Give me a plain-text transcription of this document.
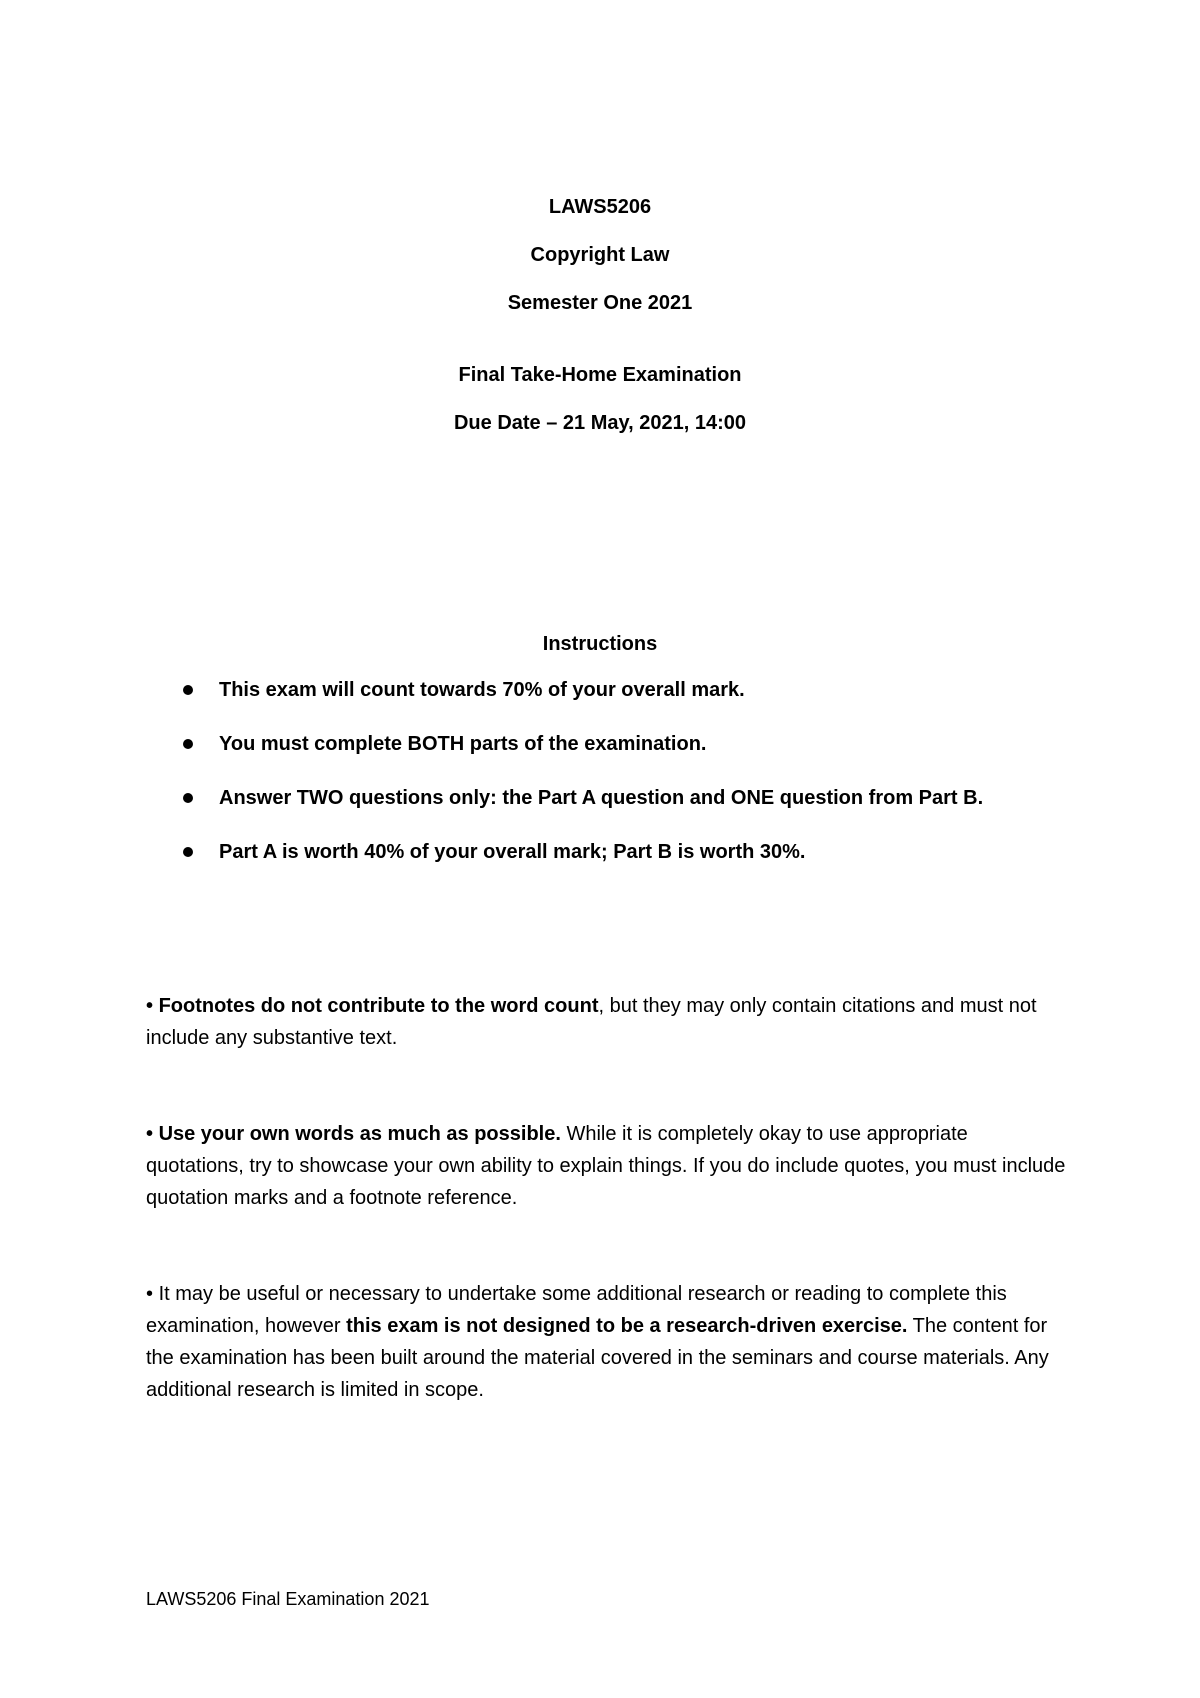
LAWS5206
Copyright Law
Semester One 2021
Final Take-Home Examination
Due Date – 21 May, 2021, 14:00
Instructions
This exam will count towards 70% of your overall mark.
You must complete BOTH parts of the examination.
Answer TWO questions only: the Part A question and ONE question from Part B.
Part A is worth 40% of your overall mark; Part B is worth 30%.

• Footnotes do not contribute to the word count, but they may only contain citations and must not include any substantive text.

• Use your own words as much as possible. While it is completely okay to use appropriate quotations, try to showcase your own ability to explain things. If you do include quotes, you must include quotation marks and a footnote reference.

• It may be useful or necessary to undertake some additional research or reading to complete this examination, however this exam is not designed to be a research-driven exercise. The content for the examination has been built around the material covered in the seminars and course materials. Any additional research is limited in scope.

LAWS5206 Final Examination 2021
